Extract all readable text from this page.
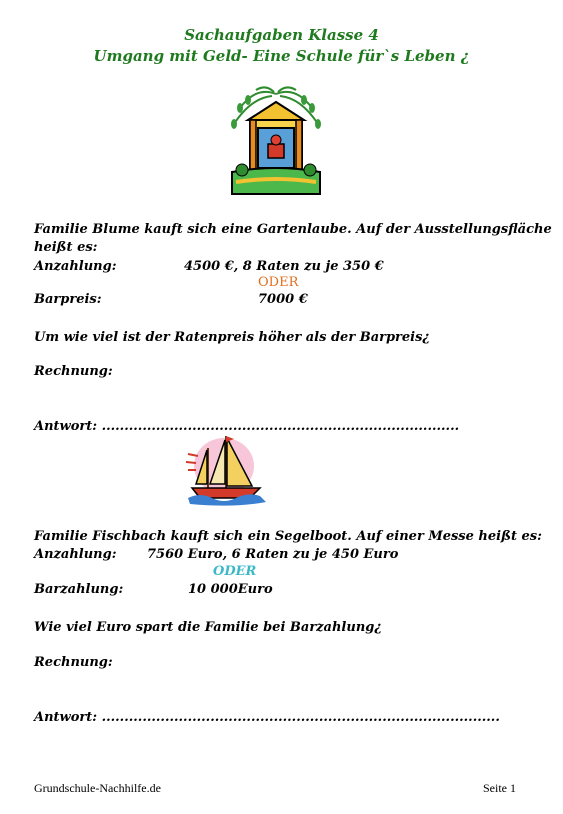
Sachaufgaben Klasse 4
Umgang mit Geld- Eine Schule für`s Leben ¿
Familie Blume kauft sich eine Gartenlaube. Auf der Ausstellungsfläche
heißt es:
Anzahlung:	4500 €, 8 Raten zu je 350 €
ODER
Barpreis:	7000 €
Um wie viel ist der Ratenpreis höher als der Barpreis¿
Rechnung:
Antwort: ...............................................................................
Familie Fischbach kauft sich ein Segelboot. Auf einer Messe heißt es:
Anzahlung: 7560 Euro, 6 Raten zu je 450 Euro
ODER
Barzahlung:	10 000Euro
Wie viel Euro spart die Familie bei Barzahlung¿
Rechnung:
Antwort: ........................................................................................
Grundschule-Nachhilfe.de	Seite 1
